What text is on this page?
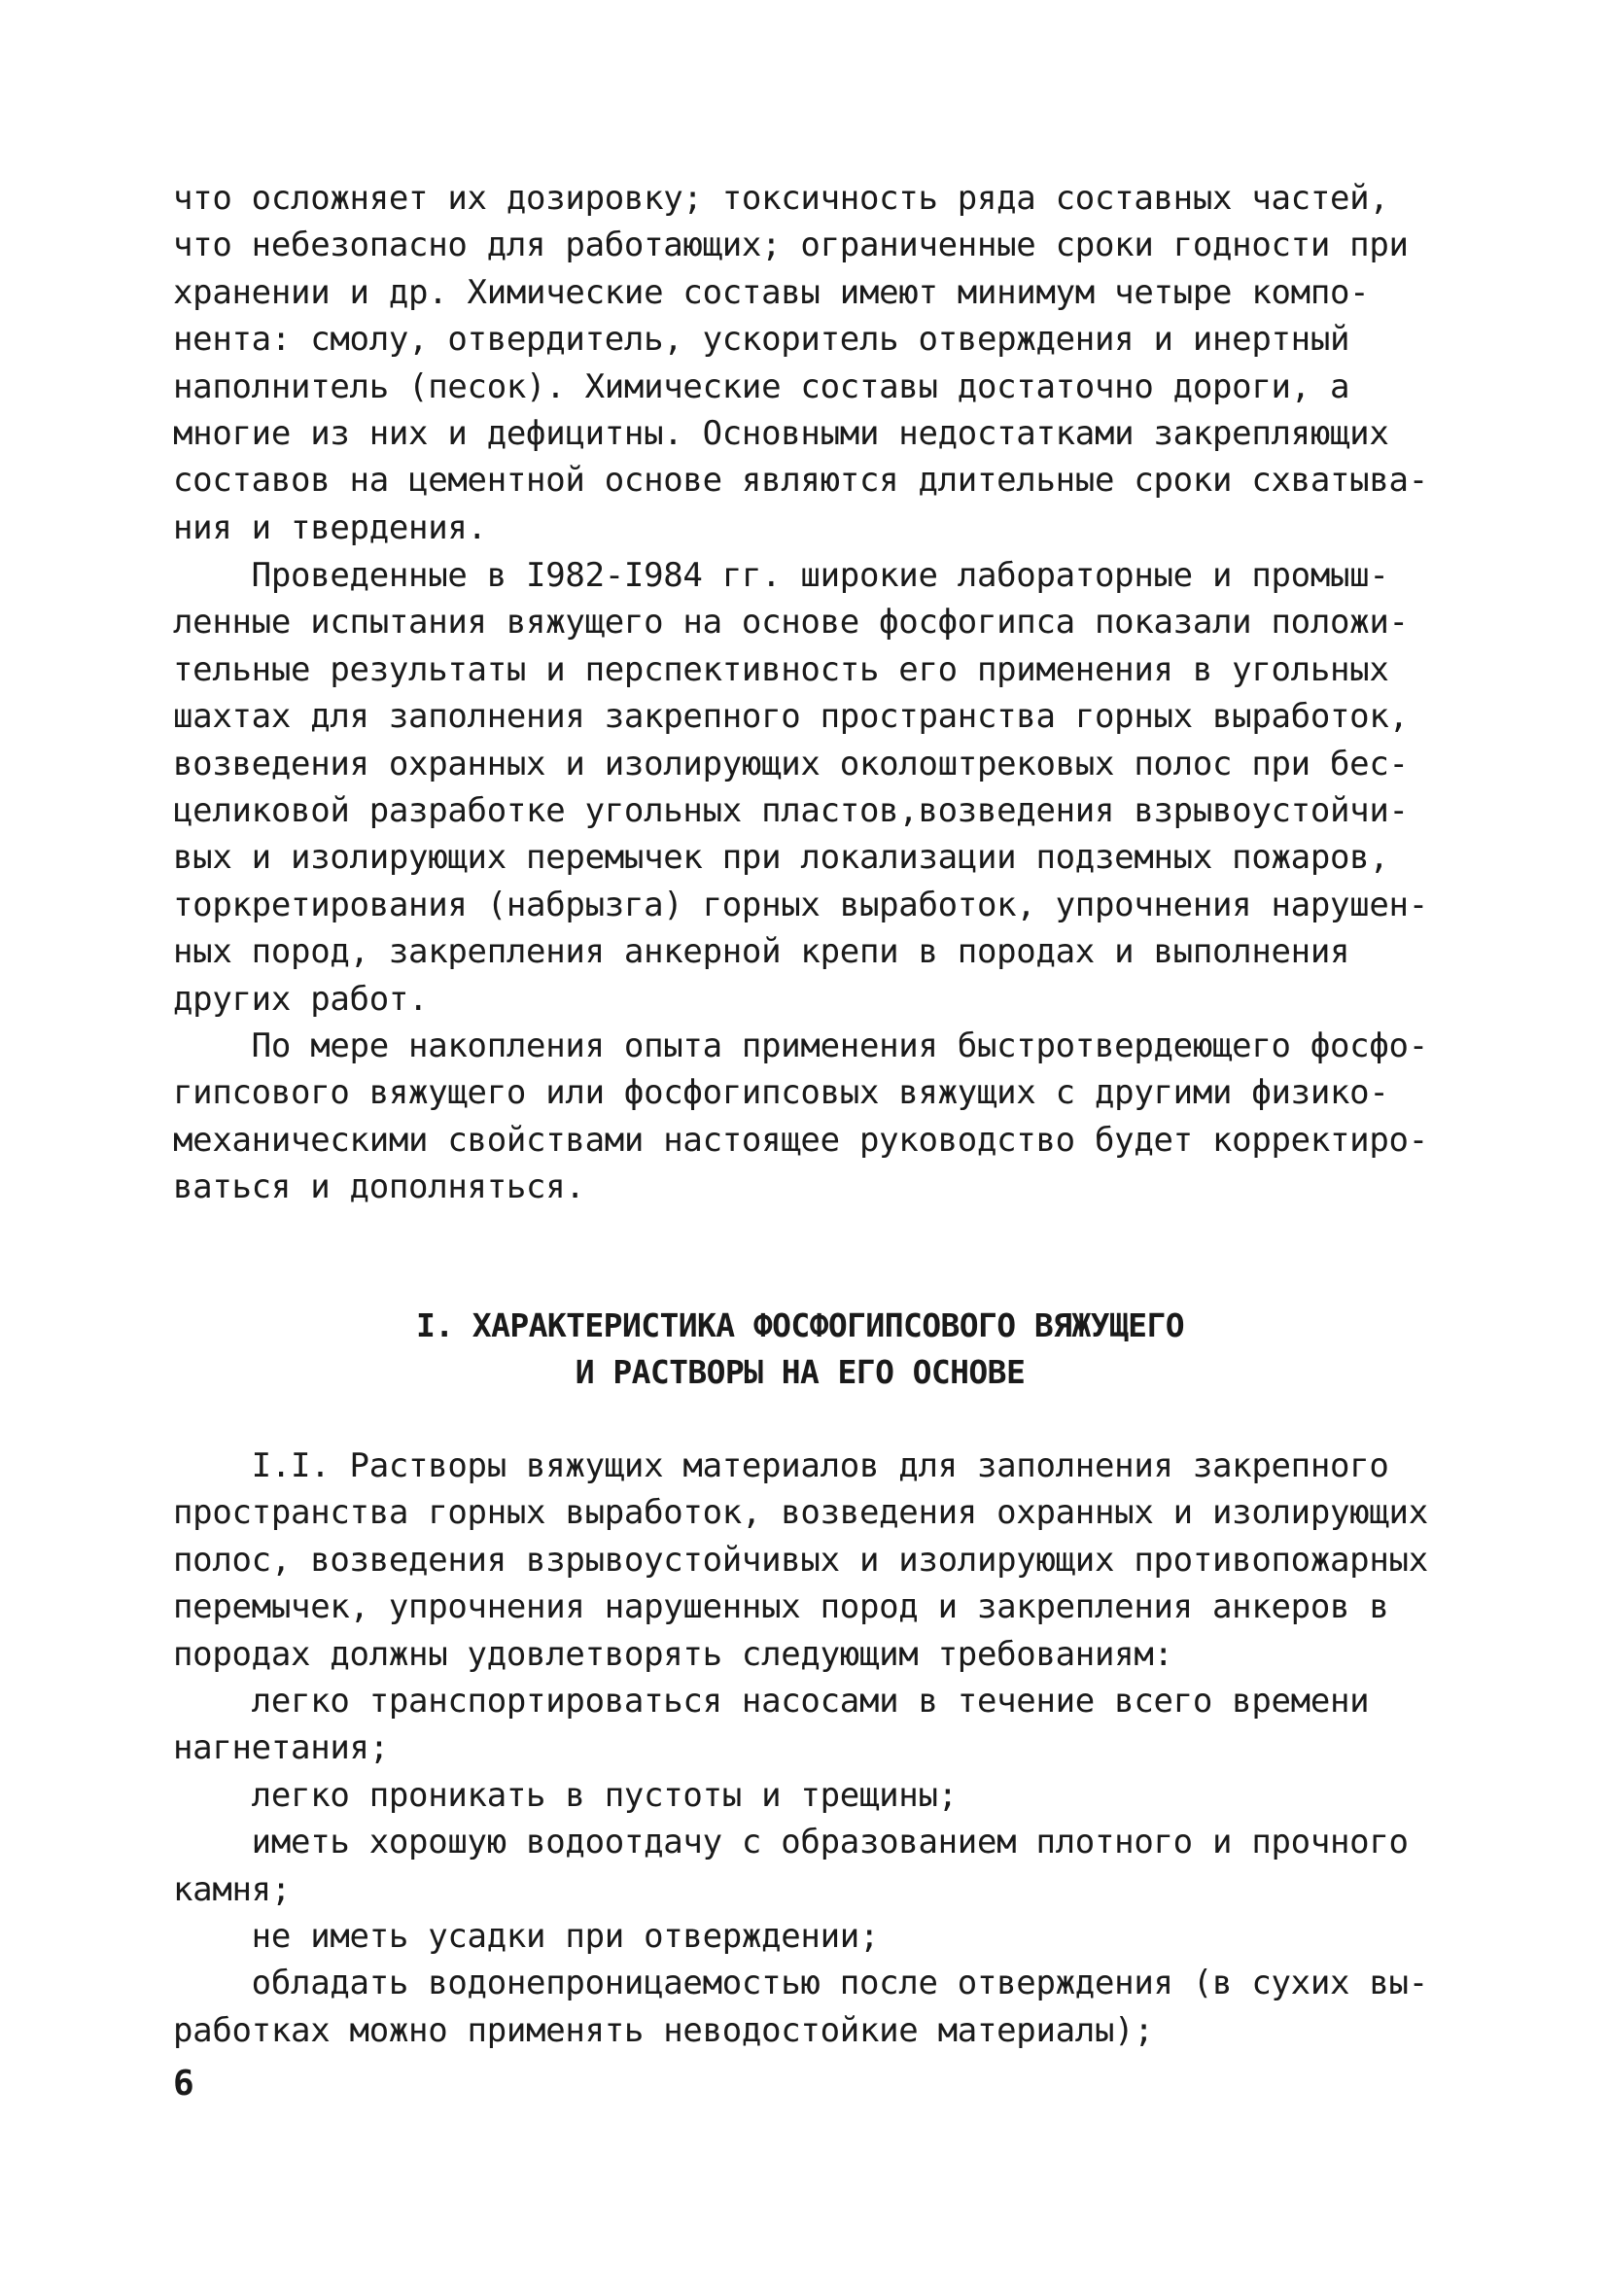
что осложняет их дозировку; токсичность ряда составных частей,
что небезопасно для работающих; ограниченные сроки годности при
хранении и др. Химические составы имеют минимум четыре компо-
нента: смолу, отвердитель, ускоритель отверждения и инертный
наполнитель (песок). Химические составы достаточно дороги, а
многие из них и дефицитны. Основными недостатками закрепляющих
составов на цементной основе являются длительные сроки схватыва-
ния и твердения.
Проведенные в I982-I984 гг. широкие лабораторные и промыш-
ленные испытания вяжущего на основе фосфогипса показали положи-
тельные результаты и перспективность его применения в угольных
шахтах для заполнения закрепного пространства горных выработок,
возведения охранных и изолирующих околоштрековых полос при бес-
целиковой разработке угольных пластов,возведения взрывоустойчи-
вых и изолирующих перемычек при локализации подземных пожаров,
торкретирования (набрызга) горных выработок, упрочнения нарушен-
ных пород, закрепления анкерной крепи в породах и выполнения
других работ.
По мере накопления опыта применения быстротвердеющего фосфо-
гипсового вяжущего или фосфогипсовых вяжущих с другими физико-
механическими свойствами настоящее руководство будет корректиро-
ваться и дополняться.
I. ХАРАКТЕРИСТИКА ФОСФОГИПСОВОГО ВЯЖУЩЕГО
И РАСТВОРЫ НА ЕГО ОСНОВЕ
I.I. Растворы вяжущих материалов для заполнения закрепного
пространства горных выработок, возведения охранных и изолирующих
полос, возведения взрывоустойчивых и изолирующих противопожарных
перемычек, упрочнения нарушенных пород и закрепления анкеров в
породах должны удовлетворять следующим требованиям:
легко транспортироваться насосами в течение всего времени
нагнетания;
легко проникать в пустоты и трещины;
иметь хорошую водоотдачу с образованием плотного и прочного
камня;
не иметь усадки при отверждении;
обладать водонепроницаемостью после отверждения (в сухих вы-
работках можно применять неводостойкие материалы);
6
